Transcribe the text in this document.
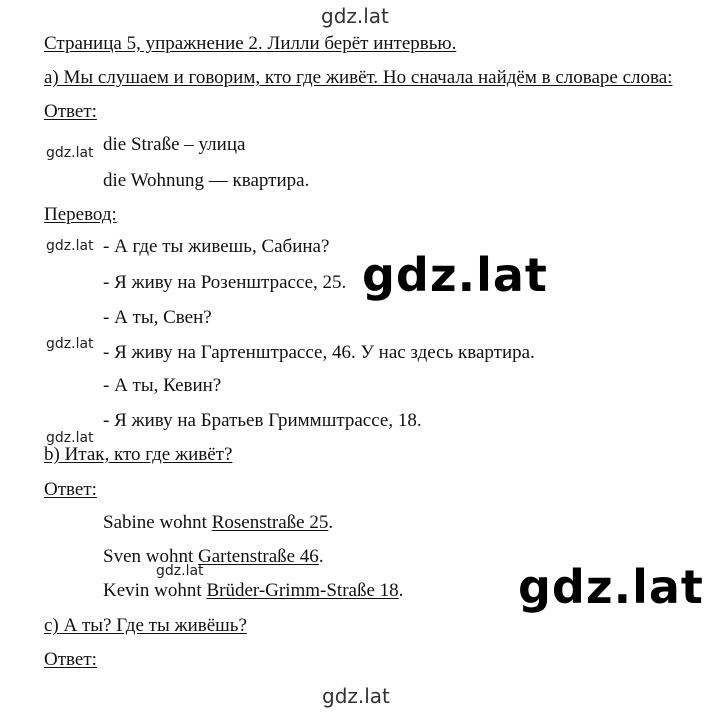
gdz.lat
gdz.lat
gdz.lat
gdz.lat
gdz.lat
gdz.lat
gdz.lat
gdz.lat
gdz.lat
Страница 5, упражнение 2. Лилли берёт интервью.
a) Мы слушаем и говорим, кто где живёт. Но сначала найдём в словаре слова:
Ответ:
die Straße – улица
die Wohnung — квартира.
Перевод:
- А где ты живешь, Сабина?
- Я живу на Розенштрассе, 25.
- А ты, Свен?
- Я живу на Гартенштрассе, 46. У нас здесь квартира.
- А ты, Кевин?
- Я живу на Братьев Гриммштрассе, 18.
b) Итак, кто где живёт?
Ответ:
Sabine wohnt Rosenstraße 25.
Sven wohnt Gartenstraße 46.
Kevin wohnt Brüder-Grimm-Straße 18.
c) А ты? Где ты живёшь?
Ответ:
